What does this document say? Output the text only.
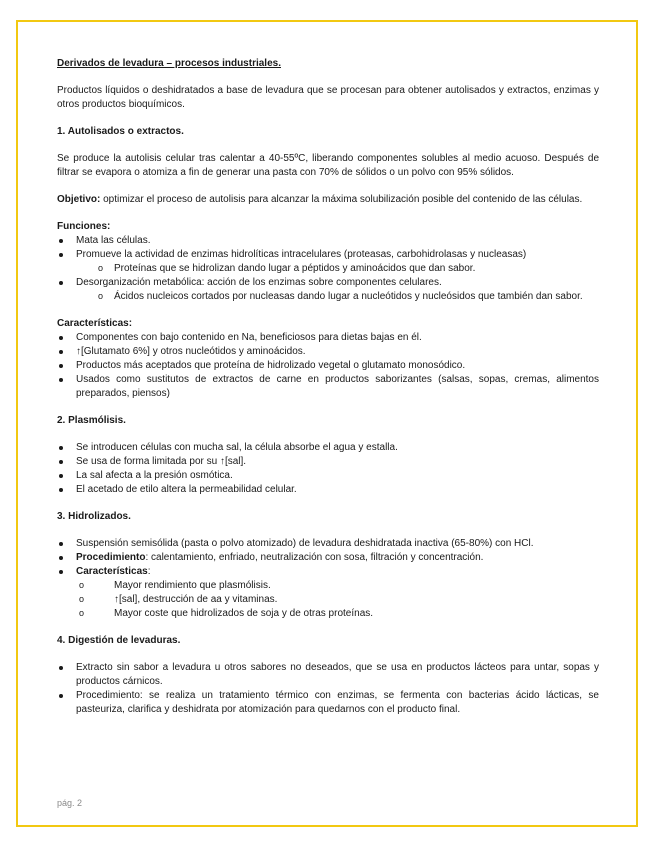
Derivados de levadura – procesos industriales.

Productos líquidos o deshidratados a base de levadura que se procesan para obtener autolisados y extractos, enzimas y otros productos bioquímicos.

1. Autolisados o extractos.

Se produce la autolisis celular tras calentar a 40-55ºC, liberando componentes solubles al medio acuoso. Después de filtrar se evapora o atomiza a fin de generar una pasta con 70% de sólidos o un polvo con 95% sólidos.

Objetivo: optimizar el proceso de autolisis para alcanzar la máxima solubilización posible del contenido de las células.

Funciones:

Mata las células.
Promueve la actividad de enzimas hidrolíticas intracelulares (proteasas, carbohidrolasas y nucleasas)
o Proteínas que se hidrolizan dando lugar a péptidos y aminoácidos que dan sabor.
Desorganización metabólica: acción de los enzimas sobre componentes celulares.
o Ácidos nucleicos cortados por nucleasas dando lugar a nucleótidos y nucleósidos que también dan sabor.

Características:

Componentes con bajo contenido en Na, beneficiosos para dietas bajas en él.
↑[Glutamato 6%] y otros nucleótidos y aminoácidos.
Productos más aceptados que proteína de hidrolizado vegetal o glutamato monosódico.
Usados como sustitutos de extractos de carne en productos saborizantes (salsas, sopas, cremas, alimentos preparados, piensos)

2. Plasmólisis.

Se introducen células con mucha sal, la célula absorbe el agua y estalla.
Se usa de forma limitada por su ↑[sal].
La sal afecta a la presión osmótica.
El acetado de etilo altera la permeabilidad celular.

3. Hidrolizados.

Suspensión semisólida (pasta o polvo atomizado) de levadura deshidratada inactiva (65-80%) con HCl.
Procedimiento: calentamiento, enfriado, neutralización con sosa, filtración y concentración.
Características:
o Mayor rendimiento que plasmólisis.
o ↑[sal], destrucción de aa y vitaminas.
o Mayor coste que hidrolizados de soja y de otras proteínas.

4. Digestión de levaduras.

Extracto sin sabor a levadura u otros sabores no deseados, que se usa en productos lácteos para untar, sopas y productos cárnicos.
Procedimiento: se realiza un tratamiento térmico con enzimas, se fermenta con bacterias ácido lácticas, se pasteuriza, clarifica y deshidrata por atomización para quedarnos con el producto final.
pág. 2
